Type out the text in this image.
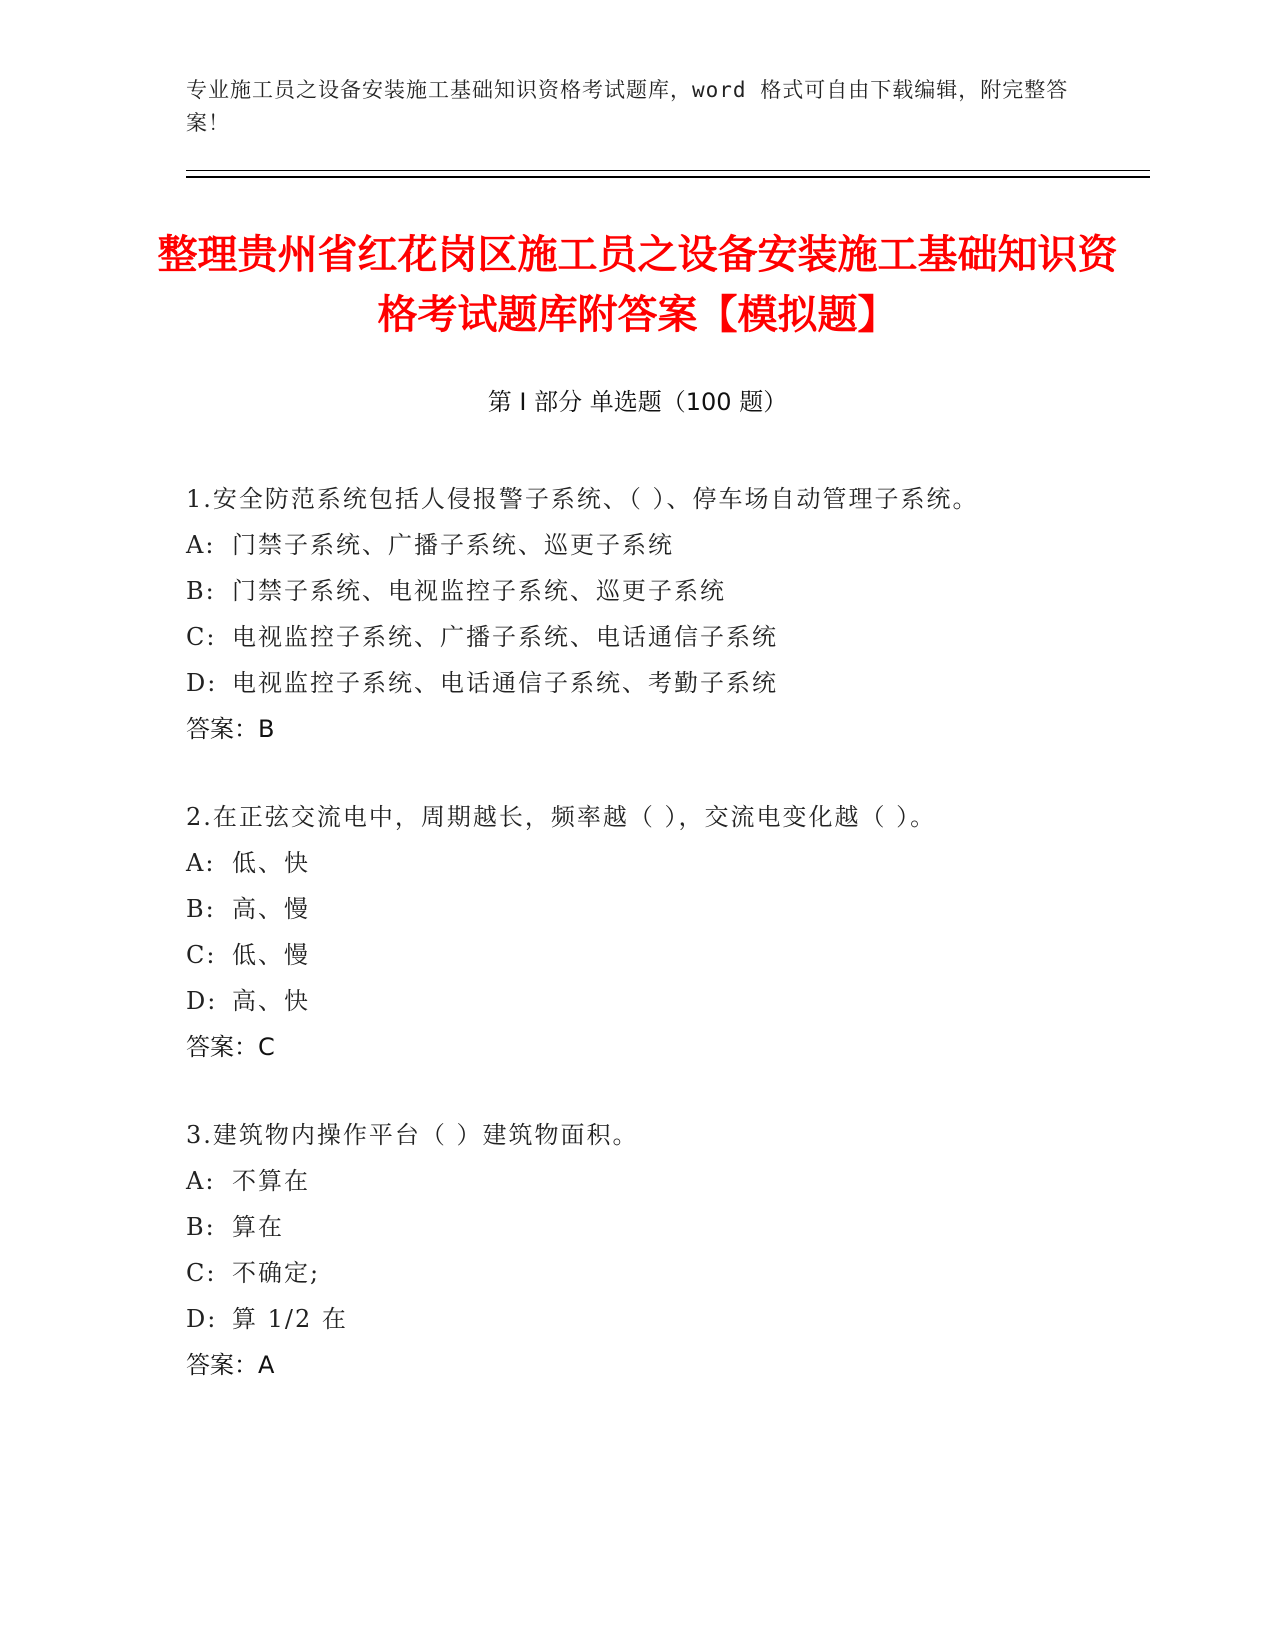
专业施工员之设备安装施工基础知识资格考试题库，word 格式可自由下载编辑，附完整答案！
整理贵州省红花岗区施工员之设备安装施工基础知识资格考试题库附答案【模拟题】
第 I 部分 单选题（100 题）
1.安全防范系统包括人侵报警子系统、（ ）、停车场自动管理子系统。
A: 门禁子系统、广播子系统、巡更子系统
B: 门禁子系统、电视监控子系统、巡更子系统
C: 电视监控子系统、广播子系统、电话通信子系统
D: 电视监控子系统、电话通信子系统、考勤子系统
答案：B
2.在正弦交流电中，周期越长，频率越（ ），交流电变化越（ ）。
A: 低、快
B: 高、慢
C: 低、慢
D: 高、快
答案：C
3.建筑物内操作平台（ ）建筑物面积。
A: 不算在
B: 算在
C: 不确定;
D: 算 1/2 在
答案：A
